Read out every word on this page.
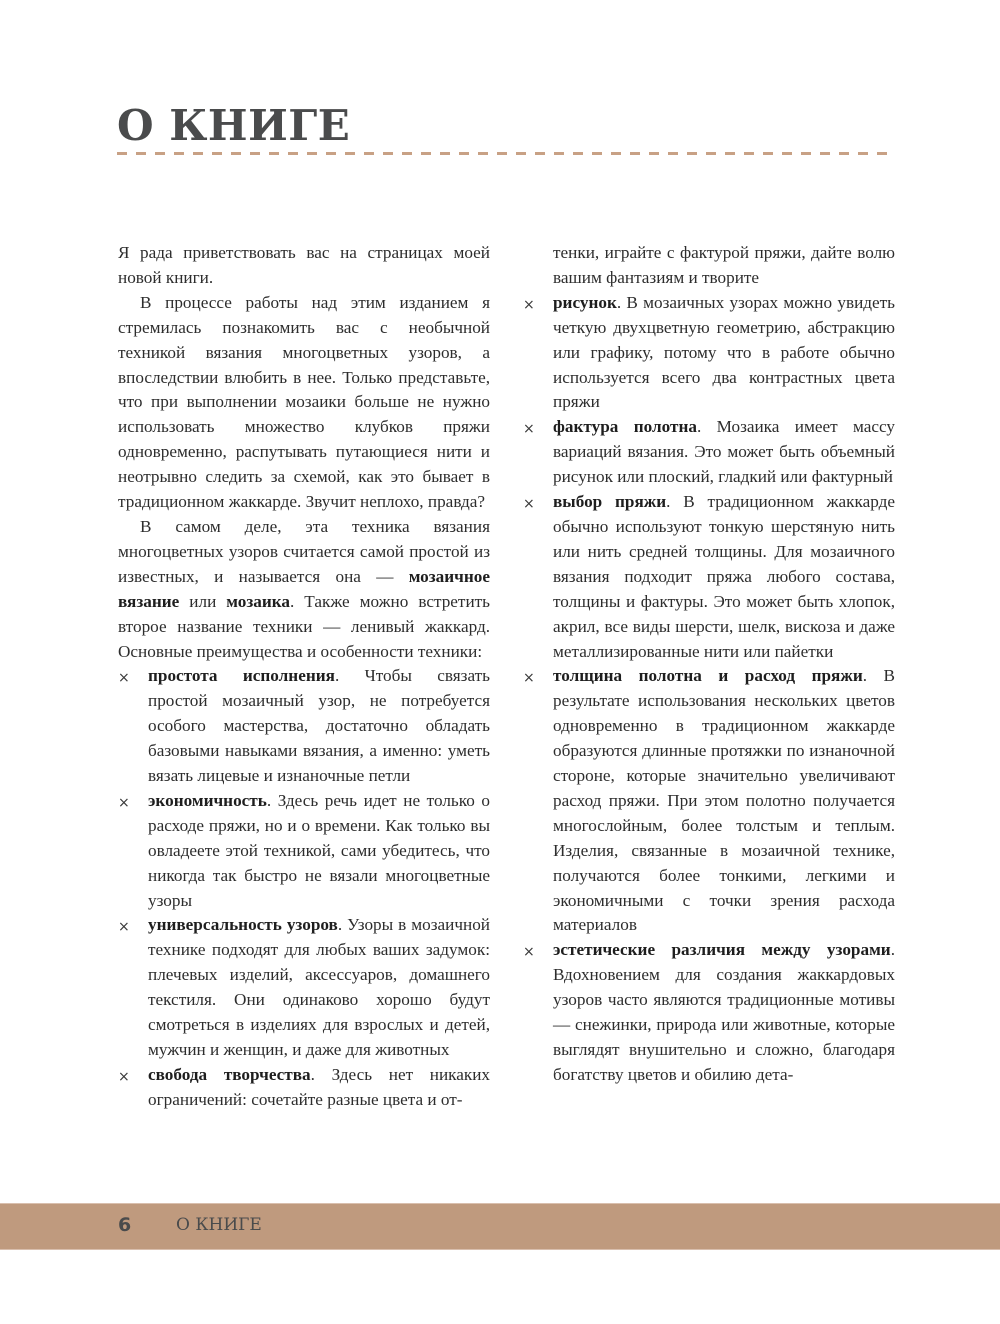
О КНИГЕ

Я рада приветствовать вас на страницах моей новой книги.

В процессе работы над этим изданием я стремилась познакомить вас с необычной техникой вязания многоцветных узоров, а впоследствии влюбить в нее. Только представьте, что при выполнении мозаики больше не нужно использовать множество клубков пряжи одновременно, распутывать путающиеся нити и неотрывно следить за схемой, как это бывает в традиционном жаккарде. Звучит неплохо, правда?

В самом деле, эта техника вязания многоцветных узоров считается самой простой из известных, и называется она — мозаичное вязание или мозаика. Также можно встретить второе название техники — ленивый жаккард. Основные преимущества и особенности техники:

× простота исполнения. Чтобы связать простой мозаичный узор, не потребуется особого мастерства, достаточно обладать базовыми навыками вязания, а именно: уметь вязать лицевые и изнаночные петли
× экономичность. Здесь речь идет не только о расходе пряжи, но и о времени. Как только вы овладеете этой техникой, сами убедитесь, что никогда так быстро не вязали многоцветные узоры
× универсальность узоров. Узоры в мозаичной технике подходят для любых ваших задумок: плечевых изделий, аксессуаров, домашнего текстиля. Они одинаково хорошо будут смотреться в изделиях для взрослых и детей, мужчин и женщин, и даже для животных
× свобода творчества. Здесь нет никаких ограничений: сочетайте разные цвета и от-

тенки, играйте с фактурой пряжи, дайте волю вашим фантазиям и творите

× рисунок. В мозаичных узорах можно увидеть четкую двухцветную геометрию, абстракцию или графику, потому что в работе обычно используется всего два контрастных цвета пряжи
× фактура полотна. Мозаика имеет массу вариаций вязания. Это может быть объемный рисунок или плоский, гладкий или фактурный
× выбор пряжи. В традиционном жаккарде обычно используют тонкую шерстяную нить или нить средней толщины. Для мозаичного вязания подходит пряжа любого состава, толщины и фактуры. Это может быть хлопок, акрил, все виды шерсти, шелк, вискоза и даже металлизированные нити или пайетки
× толщина полотна и расход пряжи. В результате использования нескольких цветов одновременно в традиционном жаккарде образуются длинные протяжки по изнаночной стороне, которые значительно увеличивают расход пряжи. При этом полотно получается многослойным, более толстым и теплым. Изделия, связанные в мозаичной технике, получаются более тонкими, легкими и экономичными с точки зрения расхода материалов
× эстетические различия между узорами. Вдохновением для создания жаккардовых узоров часто являются традиционные мотивы — снежинки, природа или животные, которые выглядят внушительно и сложно, благодаря богатству цветов и обилию дета-
6	О КНИГЕ
